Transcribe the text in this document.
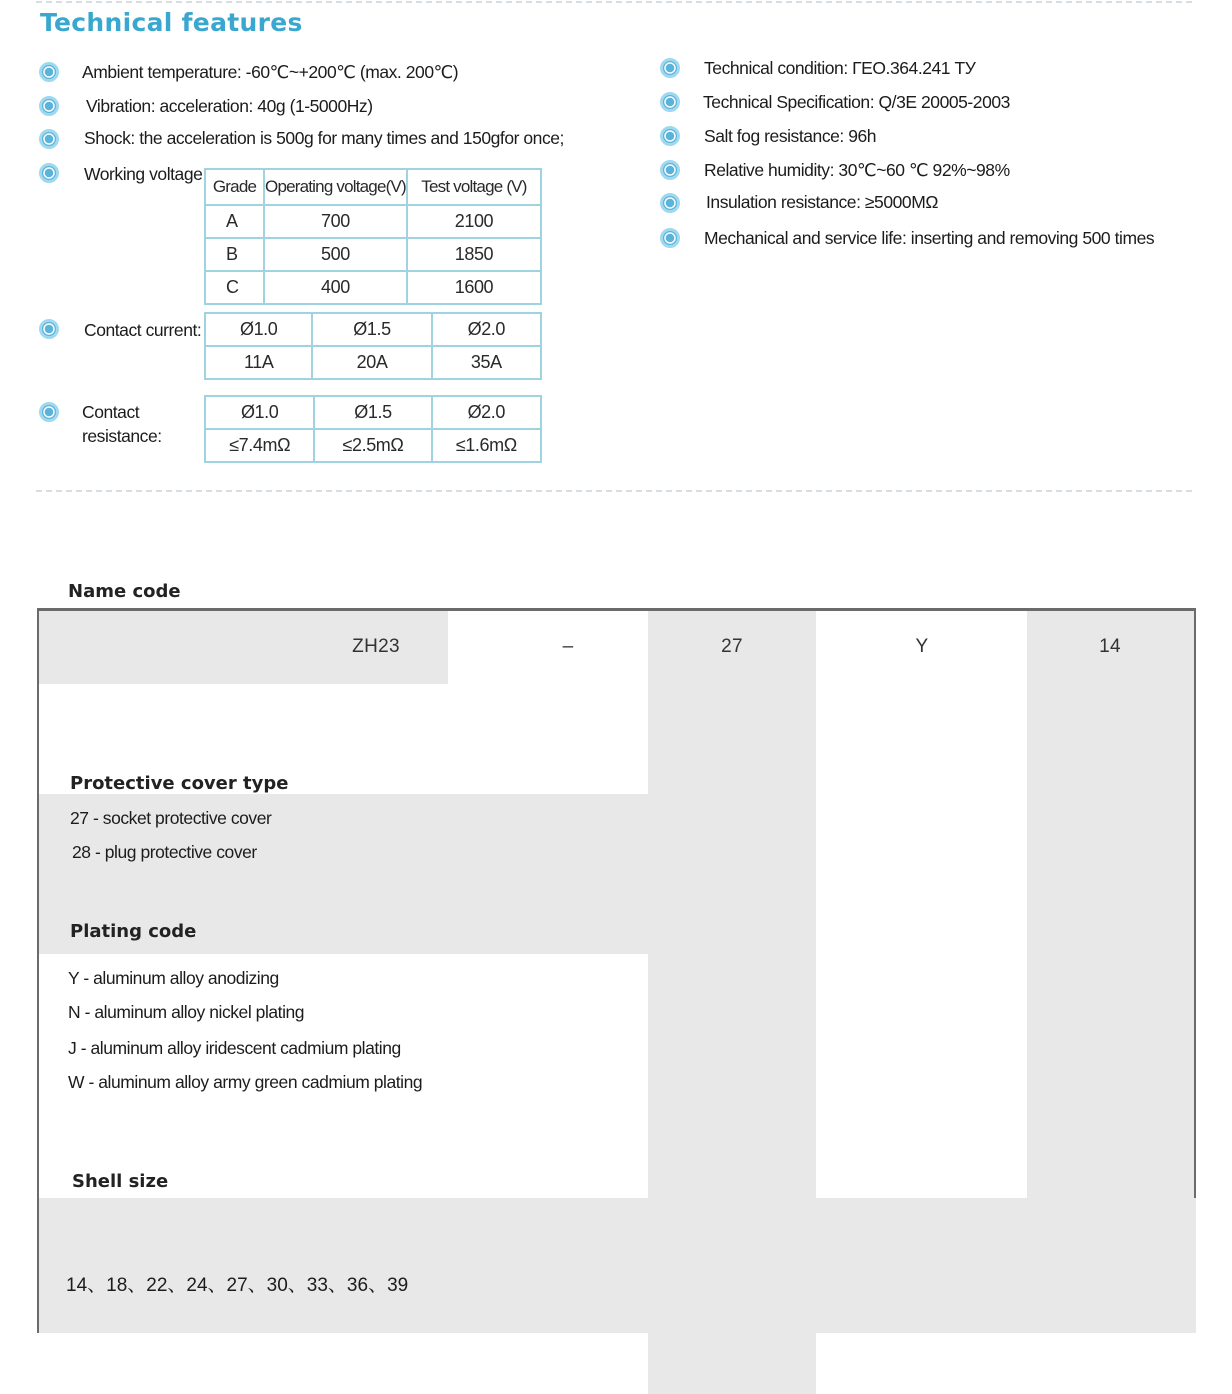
Technical features
Ambient temperature: -60℃~+200℃ (max. 200℃)
Vibration: acceleration: 40g (1-5000Hz)
Shock: the acceleration is 500g for many times and 150gfor once;
Working voltage:
Grade	Operating voltage(V)	Test voltage (V)
A	700	2100
B	500	1850
C	400	1600
Contact current: Ø1.0	Ø1.5	Ø2.0
11A	20A	35A
Contact resistance:
Ø1.0	Ø1.5	Ø2.0
≤7.4mΩ	≤2.5mΩ	≤1.6mΩ
Technical condition: ГЕО.364.241 ТУ
Technical Specification: Q/3E 20005-2003
Salt fog resistance: 96h
Relative humidity: 30℃~60 ℃ 92%~98%
Insulation resistance: ≥5000MΩ
Mechanical and service life: inserting and removing 500 times
Name code
ZH23	–	27	Y	14
Protective cover type
27 - socket protective cover
28 - plug protective cover
Plating code
Y - aluminum alloy anodizing
N - aluminum alloy nickel plating
J - aluminum alloy iridescent cadmium plating
W - aluminum alloy army green cadmium plating
Shell size
14、18、22、24、27、30、33、36、39
